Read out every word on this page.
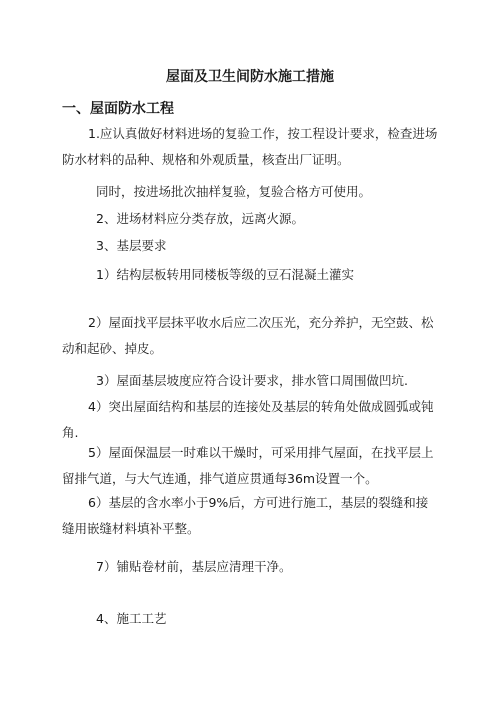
屋面及卫生间防水施工措施
一、屋面防水工程
1.应认真做好材料进场的复验工作，按工程设计要求，检查进场防水材料的品种、规格和外观质量，核查出厂证明。
同时，按进场批次抽样复验，复验合格方可使用。
2、进场材料应分类存放，远离火源。
3、基层要求
1）结构层板转用同楼板等级的豆石混凝土灌实
2）屋面找平层抹平收水后应二次压光，充分养护，无空鼓、松动和起砂、掉皮。
3）屋面基层坡度应符合设计要求，排水管口周围做凹坑.
4）突出屋面结构和基层的连接处及基层的转角处做成圆弧或钝角.
5）屋面保温层一时难以干燥时，可采用排气屋面，在找平层上留排气道，与大气连通，排气道应贯通每36m设置一个。
6）基层的含水率小于9%后，方可进行施工，基层的裂缝和接缝用嵌缝材料填补平整。
7）铺贴卷材前，基层应清理干净。
4、施工工艺
